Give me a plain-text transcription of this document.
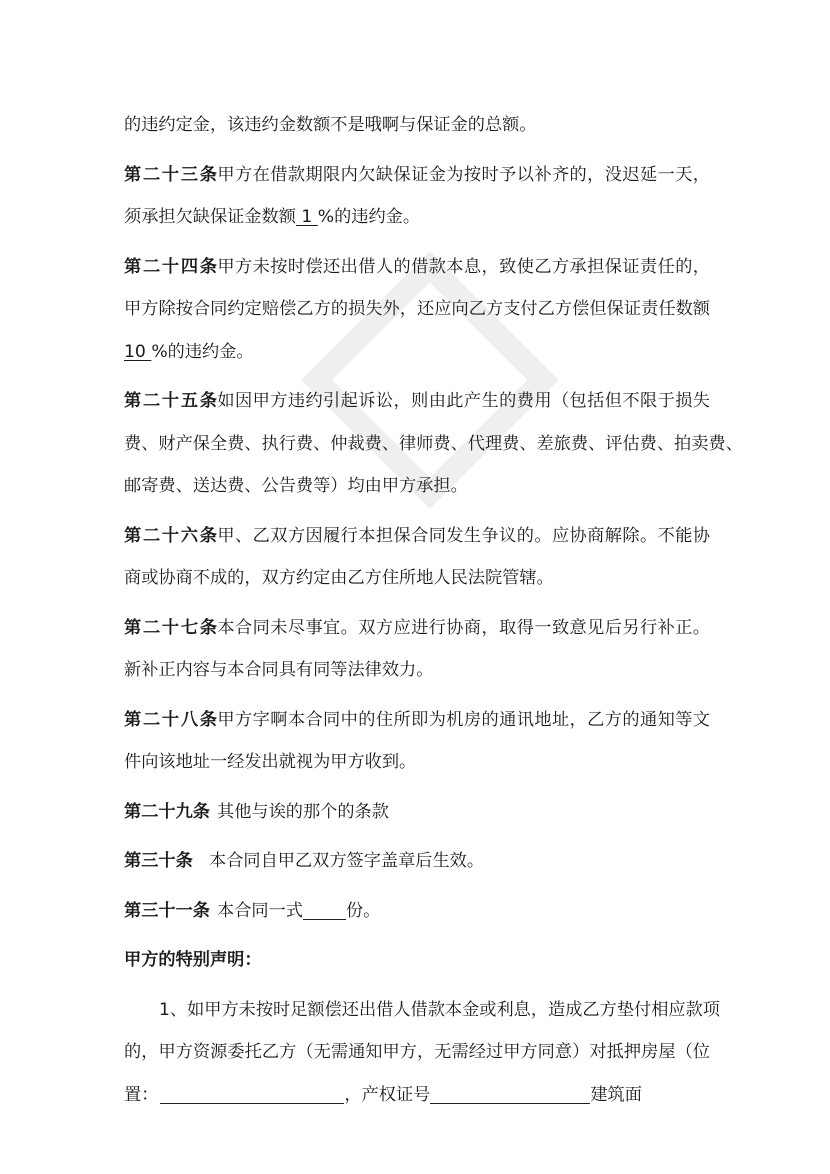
的违约定金，该违约金数额不是哦啊与保证金的总额。
第二十三条甲方在借款期限内欠缺保证金为按时予以补齐的，没迟延一天，
须承担欠缺保证金数额 1 %的违约金。
第二十四条甲方未按时偿还出借人的借款本息，致使乙方承担保证责任的，
甲方除按合同约定赔偿乙方的损失外，还应向乙方支付乙方偿但保证责任数额
10 %的违约金。
第二十五条如因甲方违约引起诉讼，则由此产生的费用（包括但不限于损失
费、财产保全费、执行费、仲裁费、律师费、代理费、差旅费、评估费、拍卖费、
邮寄费、送达费、公告费等）均由甲方承担。
第二十六条甲、乙双方因履行本担保合同发生争议的。应协商解除。不能协
商或协商不成的，双方约定由乙方住所地人民法院管辖。
第二十七条本合同未尽事宜。双方应进行协商，取得一致意见后另行补正。
新补正内容与本合同具有同等法律效力。
第二十八条甲方字啊本合同中的住所即为机房的通讯地址，乙方的通知等文
件向该地址一经发出就视为甲方收到。
第二十九条 其他与诶的那个的条款
第三十条 本合同自甲乙双方签字盖章后生效。
第三十一条 本合同一式	份。
甲方的特别声明：
1、如甲方未按时足额偿还出借人借款本金或利息，造成乙方垫付相应款项
的，甲方资源委托乙方（无需通知甲方，无需经过甲方同意）对抵押房屋（位
置：	，产权证号	建筑面
